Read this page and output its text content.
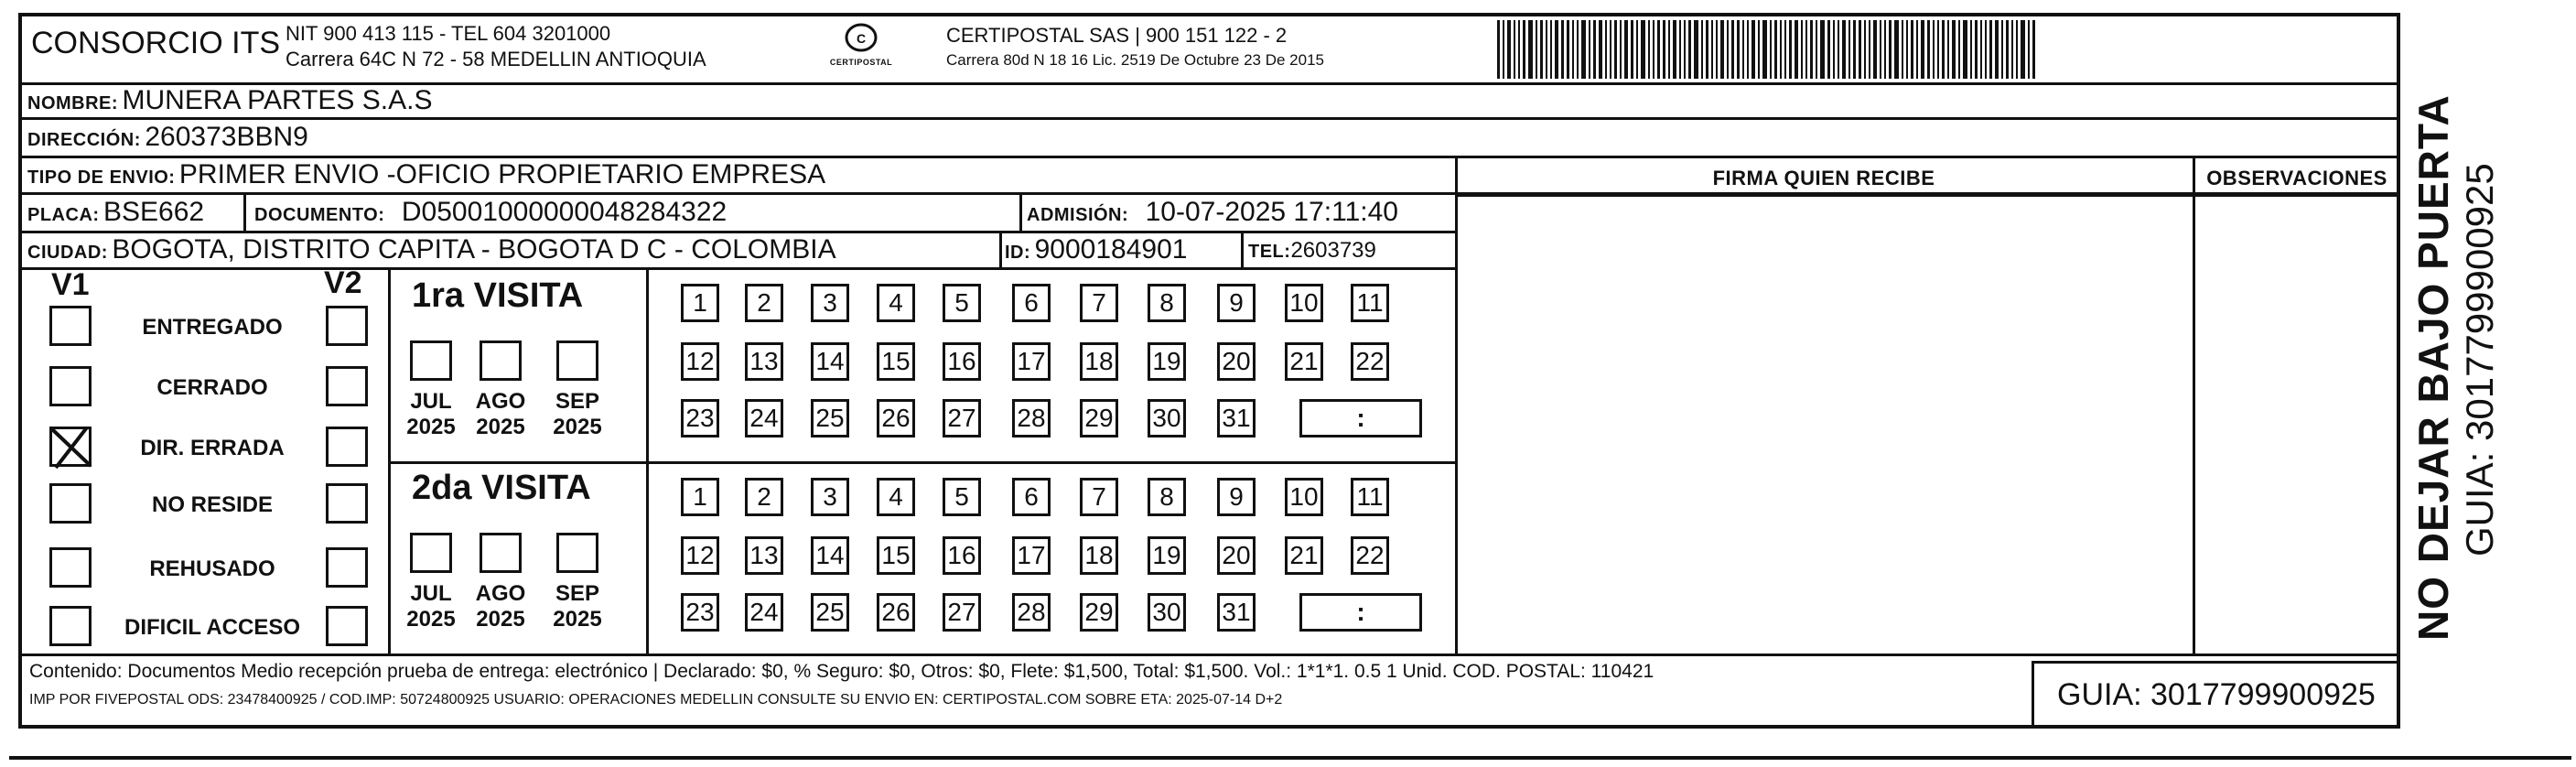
CONSORCIO ITS NIT 900 413 115 - TEL 604 3201000
Carrera 64C N 72 - 58 MEDELLIN ANTIOQUIA
C
CERTIPOSTAL
CERTIPOSTAL SAS | 900 151 122 - 2
Carrera 80d N 18 16 Lic. 2519 De Octubre 23 De 2015
NOMBRE: MUNERA PARTES S.A.S
DIRECCIÓN: 260373BBN9
TIPO DE ENVIO: PRIMER ENVIO -OFICIO PROPIETARIO EMPRESA
PLACA: BSE662	DOCUMENTO: D05001000000048284322	ADMISIÓN: 10-07-2025 17:11:40
CIUDAD: BOGOTA, DISTRITO CAPITA - BOGOTA D C - COLOMBIA	ID: 9000184901	TEL:2603739
FIRMA QUIEN RECIBE	OBSERVACIONES
V1	V2
ENTREGADO
CERRADO
DIR. ERRADA
NO RESIDE
REHUSADO
DIFICIL ACCESO
1ra VISITA
2da VISITA
JUL
2025
AGO
2025
SEP
2025
JUL
2025
AGO
2025
SEP
2025
1	2	3	4	5	6	7	8	9	10 11
12 13 14 15 16 17 18 19 20 21 22
23 24 25 26 27 28 29 30 31	:
1	2	3	4	5	6	7	8	9	10 11
12 13 14 15 16 17 18 19 20 21 22
23 24 25 26 27 28 29 30 31	:
Contenido: Documentos Medio recepción prueba de entrega: electrónico | Declarado: $0, % Seguro: $0, Otros: $0, Flete: $1,500, Total: $1,500. Vol.: 1*1*1. 0.5 1 Unid. COD. POSTAL: 110421
IMP POR FIVEPOSTAL ODS: 23478400925 / COD.IMP: 50724800925 USUARIO: OPERACIONES MEDELLIN CONSULTE SU ENVIO EN: CERTIPOSTAL.COM SOBRE ETA: 2025-07-14 D+2	GUIA: 3017799900925
NO DEJAR BAJO PUERTA GUIA: 3017799900925
